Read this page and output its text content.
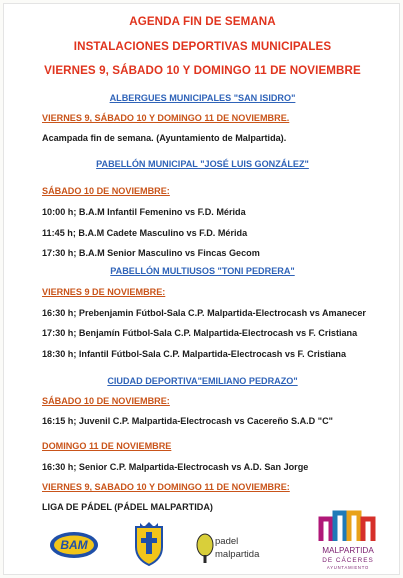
AGENDA FIN DE SEMANA
INSTALACIONES DEPORTIVAS MUNICIPALES
VIERNES 9, SÁBADO 10 Y DOMINGO 11 DE NOVIEMBRE
ALBERGUES MUNICIPALES "SAN ISIDRO"
VIERNES 9, SÁBADO 10 Y DOMINGO 11 DE NOVIEMBRE.
Acampada fin de semana. (Ayuntamiento de Malpartida).
PABELLÓN MUNICIPAL "JOSÉ LUIS GONZÁLEZ"
SÁBADO 10 DE NOVIEMBRE:
10:00 h; B.A.M Infantil Femenino vs F.D. Mérida
11:45 h; B.A.M Cadete Masculino vs F.D. Mérida
17:30 h; B.A.M Senior Masculino vs Fincas Gecom
PABELLÓN MULTIUSOS "TONI PEDRERA"
VIERNES 9 DE NOVIEMBRE:
16:30 h; Prebenjamin Fútbol-Sala C.P. Malpartida-Electrocash vs Amanecer
17:30 h; Benjamín Fútbol-Sala C.P. Malpartida-Electrocash vs F. Cristiana
18:30 h; Infantil Fútbol-Sala C.P. Malpartida-Electrocash vs F. Cristiana
CIUDAD DEPORTIVA"EMILIANO PEDRAZO"
SÁBADO 10 DE NOVIEMBRE:
16:15 h; Juvenil C.P. Malpartida-Electrocash vs Cacereño S.A.D "C"
DOMINGO 11 DE NOVIEMBRE
16:30 h; Senior C.P. Malpartida-Electrocash vs A.D. San Jorge
VIERNES 9, SABADO 10 Y DOMINGO 11 DE NOVIEMBRE:
LIGA DE PÁDEL (PÁDEL MALPARTIDA)
BAM	padel
malpartida	MALPARTIDA
DE CÁCERES
AYUNTAMIENTO
